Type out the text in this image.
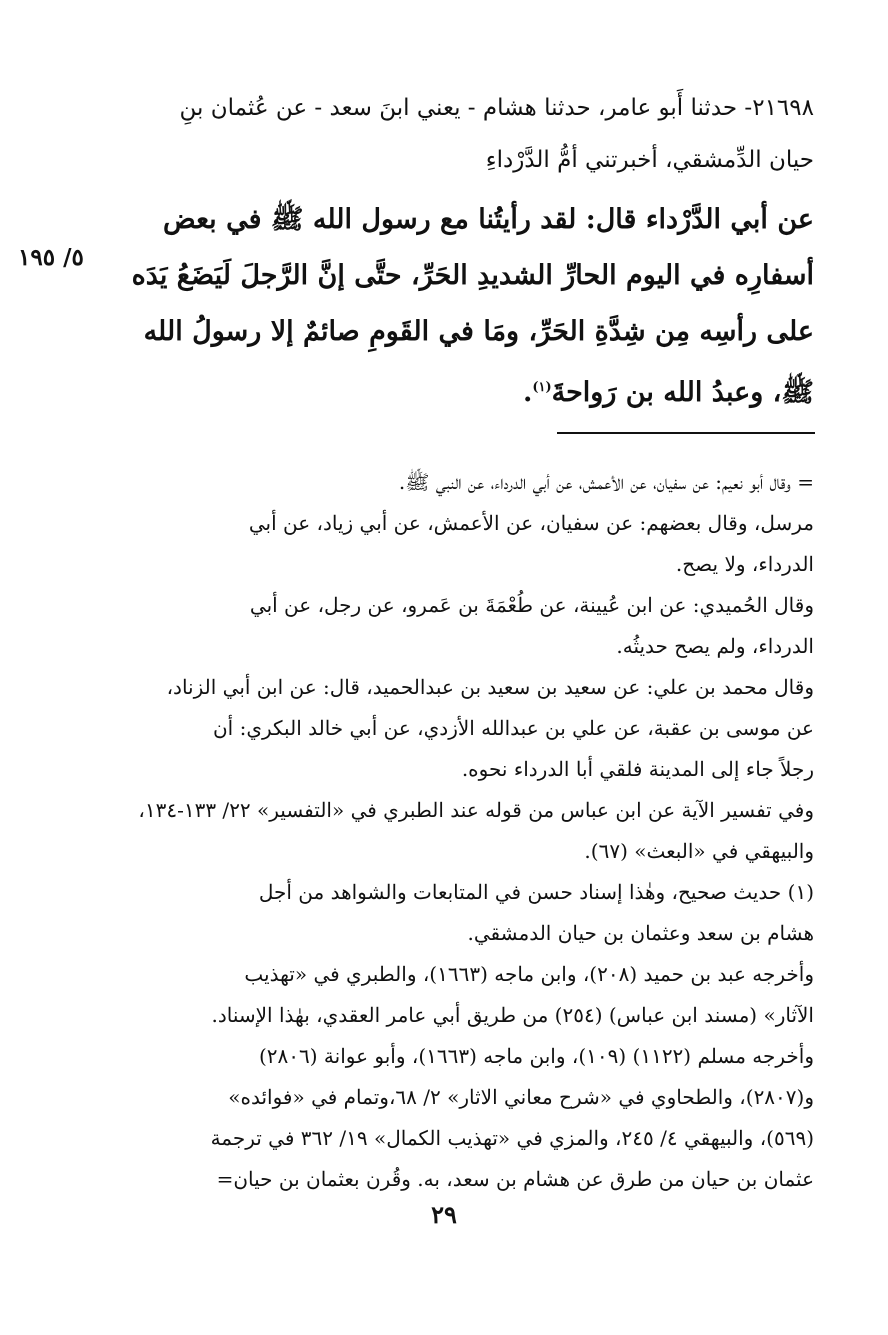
٢١٦٩٨- حدثنا أَبو عامر، حدثنا هشام - يعني ابنَ سعد - عن عُثمان بنِ
حيان الدِّمشقي، أخبرتني أمُّ الدَّرْداءِ
٥/ ١٩٥
عن أبي الدَّرْداء قال: لقد رأيتُنا مع رسول الله ﷺ في بعض
أسفارِه في اليوم الحارِّ الشديدِ الحَرِّ، حتَّى إنَّ الرَّجلَ لَيَضَعُ يَدَه
على رأسِه مِن شِدَّةِ الحَرِّ، ومَا في القَومِ صائمٌ إلا رسولُ الله
ﷺ، وعبدُ الله بن رَواحةَ$^{(١)}$.

= وقال أبو نعيم: عن سفيان، عن الأعمش، عن أبي الدرداء، عن النبي ﷺ.
مرسل، وقال بعضهم: عن سفيان، عن الأعمش، عن أبي زياد، عن أبي
الدرداء، ولا يصح.

وقال الحُميدي: عن ابن عُيينة، عن طُعْمَةَ بن عَمرو، عن رجل، عن أبي
الدرداء، ولم يصح حديثُه.

وقال محمد بن علي: عن سعيد بن سعيد بن عبدالحميد، قال: عن ابن أبي الزناد،
عن موسى بن عقبة، عن علي بن عبدالله الأزدي، عن أبي خالد البكري: أن
رجلاً جاء إلى المدينة فلقي أبا الدرداء نحوه.

وفي تفسير الآية عن ابن عباس من قوله عند الطبري في «التفسير» ٢٢/ ١٣٣-١٣٤،
والبيهقي في «البعث» (٦٧).

(١) حديث صحيح، وهٰذا إسناد حسن في المتابعات والشواهد من أجل
هشام بن سعد وعثمان بن حيان الدمشقي.

وأخرجه عبد بن حميد (٢٠٨)، وابن ماجه (١٦٦٣)، والطبري في «تهذيب
الآثار» (مسند ابن عباس) (٢٥٤) من طريق أبي عامر العقدي، بهٰذا الإسناد.

وأخرجه مسلم (١١٢٢) (١٠٩)، وابن ماجه (١٦٦٣)، وأبو عوانة (٢٨٠٦)
و(٢٨٠٧)، والطحاوي في «شرح معاني الاثار» ٢/ ٦٨،وتمام في «فوائده»
(٥٦٩)، والبيهقي ٤/ ٢٤٥، والمزي في «تهذيب الكمال» ١٩/ ٣٦٢ في ترجمة
عثمان بن حيان من طرق عن هشام بن سعد، به. وقُرن بعثمان بن حيان=

٢٩
